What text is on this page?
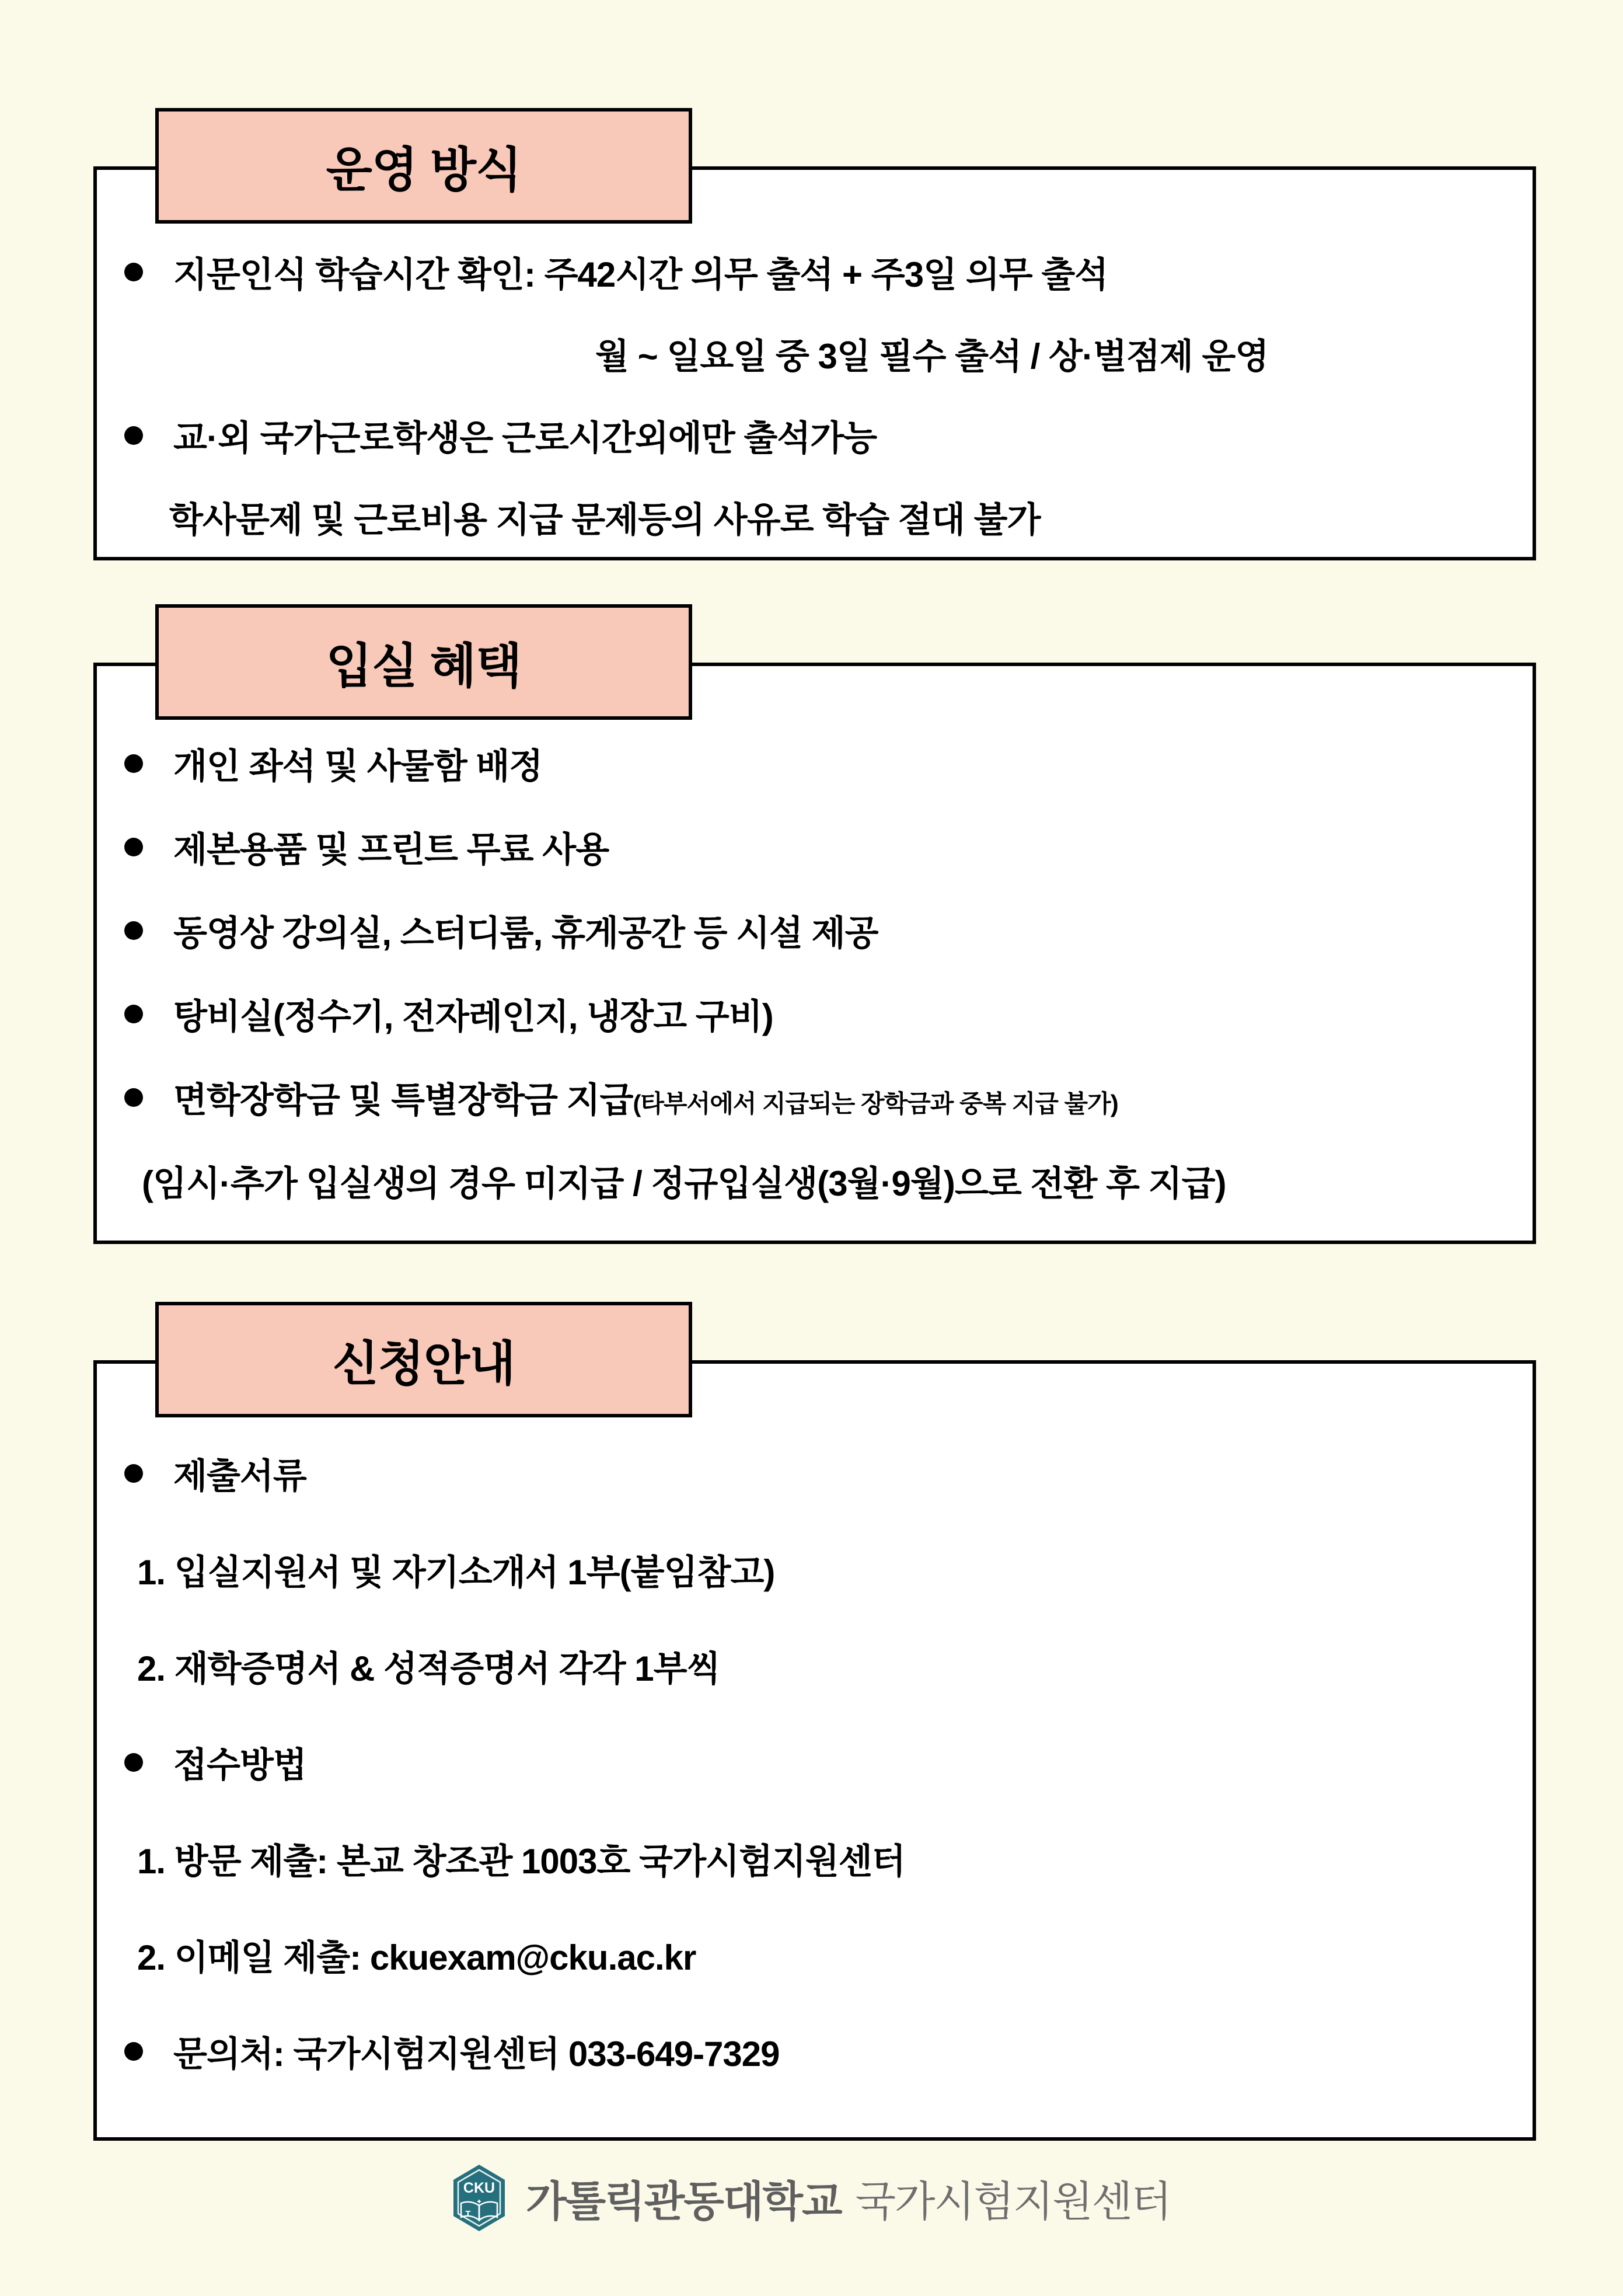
운영 방식
지문인식 학습시간 확인: 주42시간 의무 출석 + 주3일 의무 출석
월 ~ 일요일 중 3일 필수 출석 / 상·벌점제 운영
교·외 국가근로학생은 근로시간외에만 출석가능
학사문제 및 근로비용 지급 문제등의 사유로 학습 절대 불가
입실 혜택
개인 좌석 및 사물함 배정
제본용품 및 프린트 무료 사용
동영상 강의실, 스터디룸, 휴게공간 등 시설 제공
탕비실(정수기, 전자레인지, 냉장고 구비)
면학장학금 및 특별장학금 지급(타부서에서 지급되는 장학금과 중복 지급 불가)
(임시·추가 입실생의 경우 미지급 / 정규입실생(3월·9월)으로 전환 후 지급)
신청안내
제출서류
1. 입실지원서 및 자기소개서 1부(붙임참고)
2. 재학증명서 & 성적증명서 각각 1부씩
접수방법
1. 방문 제출: 본교 창조관 1003호 국가시험지원센터
2. 이메일 제출: ckuexam@cku.ac.kr
문의처: 국가시험지원센터 033-649-7329
CKU
T 가톨릭관동대학교 국가시험지원센터
